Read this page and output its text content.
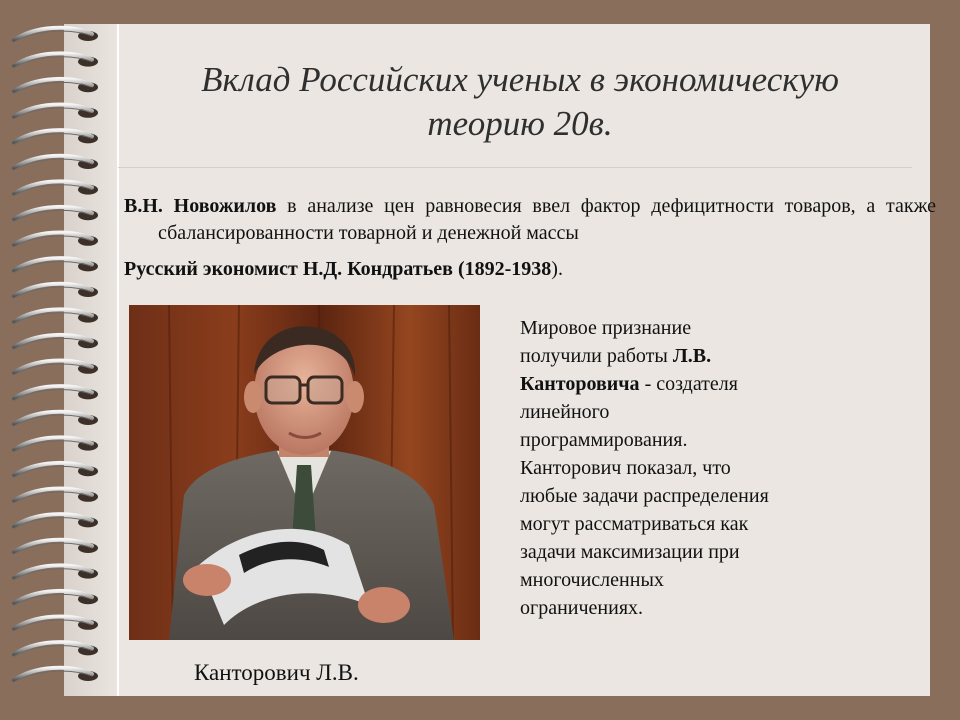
Вклад Российских ученых в экономическую
теорию 20в.
В.Н. Новожилов в анализе цен равновесия ввел фактор дефицитности товаров, а также сбалансированности товарной и денежной массы
Русский экономист Н.Д. Кондратьев (1892-1938).
Канторович Л.В.
Мировое признание
получили работы Л.В.
Канторовича - создателя
линейного
программирования.
Канторович показал, что
любые задачи распределения
могут рассматриваться как
задачи максимизации при
многочисленных
ограничениях.
